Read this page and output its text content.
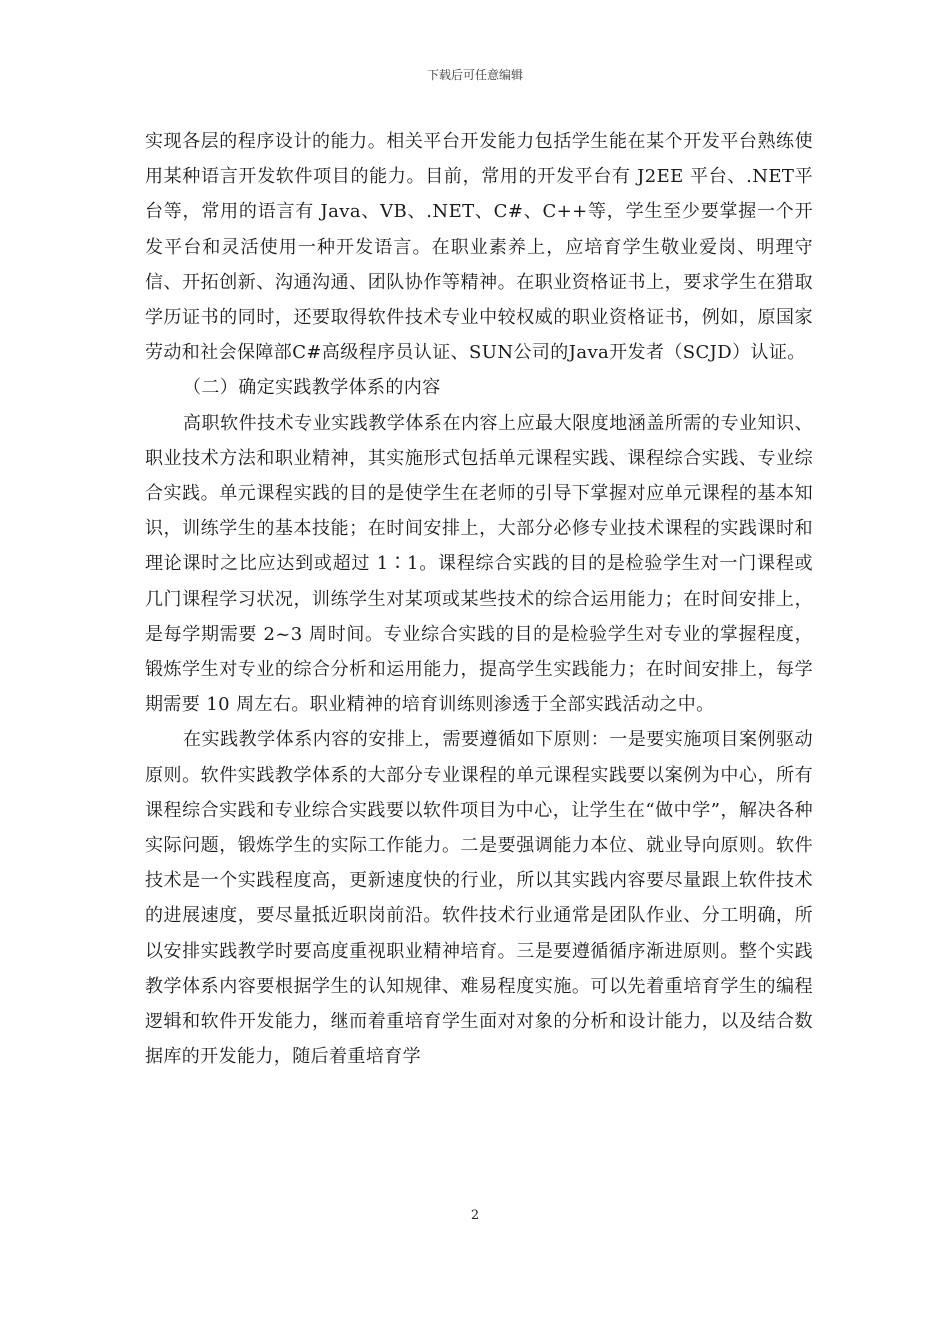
下载后可任意编辑

实现各层的程序设计的能力。相关平台开发能力包括学生能在某个开发平台熟练使用某种语言开发软件项目的能力。目前，常用的开发平台有 J2EE 平台、.NET平台等，常用的语言有 Java、VB、.NET、C#、C++等，学生至少要掌握一个开发平台和灵活使用一种开发语言。在职业素养上，应培育学生敬业爱岗、明理守信、开拓创新、沟通沟通、团队协作等精神。在职业资格证书上，要求学生在猎取学历证书的同时，还要取得软件技术专业中较权威的职业资格证书，例如，原国家劳动和社会保障部C#高级程序员认证、SUN公司的Java开发者（SCJD）认证。

（二）确定实践教学体系的内容

高职软件技术专业实践教学体系在内容上应最大限度地涵盖所需的专业知识、职业技术方法和职业精神，其实施形式包括单元课程实践、课程综合实践、专业综合实践。单元课程实践的目的是使学生在老师的引导下掌握对应单元课程的基本知识，训练学生的基本技能；在时间安排上，大部分必修专业技术课程的实践课时和理论课时之比应达到或超过 1∶1。课程综合实践的目的是检验学生对一门课程或几门课程学习状况，训练学生对某项或某些技术的综合运用能力；在时间安排上，是每学期需要 2~3 周时间。专业综合实践的目的是检验学生对专业的掌握程度，锻炼学生对专业的综合分析和运用能力，提高学生实践能力；在时间安排上，每学期需要 10 周左右。职业精神的培育训练则渗透于全部实践活动之中。

在实践教学体系内容的安排上，需要遵循如下原则：一是要实施项目案例驱动原则。软件实践教学体系的大部分专业课程的单元课程实践要以案例为中心，所有课程综合实践和专业综合实践要以软件项目为中心，让学生在“做中学”，解决各种实际问题，锻炼学生的实际工作能力。二是要强调能力本位、就业导向原则。软件技术是一个实践程度高，更新速度快的行业，所以其实践内容要尽量跟上软件技术的进展速度，要尽量抵近职岗前沿。软件技术行业通常是团队作业、分工明确，所以安排实践教学时要高度重视职业精神培育。三是要遵循循序渐进原则。整个实践教学体系内容要根据学生的认知规律、难易程度实施。可以先着重培育学生的编程逻辑和软件开发能力，继而着重培育学生面对对象的分析和设计能力，以及结合数据库的开发能力，随后着重培育学

2
